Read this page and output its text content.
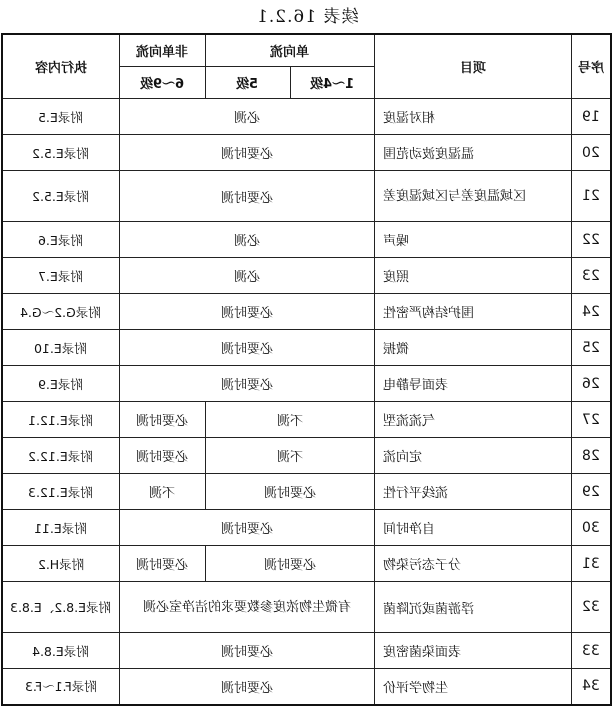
续表 16.2.1
执行内容	非单向流	单向流		项目	序号
	6～9级	5级	1～4级		
附录E.5	必测			相对湿度	19
附录E.5.2	必要时测			温湿度波动范围	20
附录E.5.2	必要时测			区域温度差与区域湿度差	21
附录E.6	必测			噪声	22
附录E.7	必测			照度	23
附录G.2～G.4	必要时测			围护结构严密性	24
附录E.10	必要时测			微振	25
附录E.9	必要时测			表面导静电	26
附录E.12.1	必要时测	不测		气流流型	27
附录E.12.2	必要时测	不测		定向流	28
附录E.12.3	不测	必要时测		流线平行性	29
附录E.11	必要时测			自净时间	30
附录H.2	必要时测	必要时测		分子态污染物	31
附录E.8.2、E.8.3	有微生物浓度参数要求的洁净室必测			浮游菌或沉降菌	32
附录E.8.4	必要时测			表面染菌密度	33
附录F.1～F.3	必要时测			生物学评价	34
